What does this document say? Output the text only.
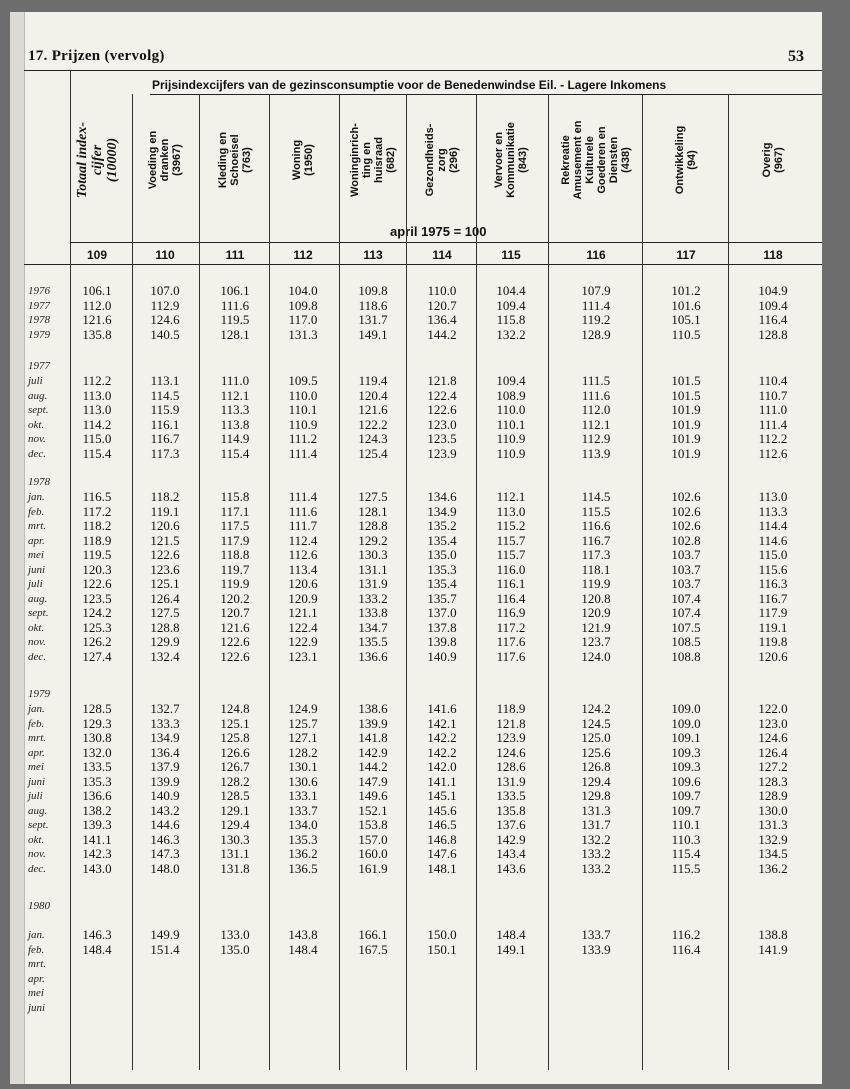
17. Prijzen (vervolg)	53
Prijsindexcijfers van de gezinsconsumptie voor de Benedenwindse Eil. - Lagere Inkomens
april 1975 = 100
Totaal index-
cijfer
(10000)
109
Voeding en
dranken
(3967)
110
Kleding en
Schoeisel
(763)
111
Woning
(1950)
112
Woninginrich-
ting en
huisraad
(682)
113
Gezondheids-
zorg
(296)
114
Vervoer en
Kommunikatie
(843)
115
Rekreatie
Amusement en
Kulturele
Goederen en
Diensten
(438)
116
Ontwikkeling
(94)
117
Overig
(967)
118
1976	106.1	107.0	106.1	104.0	109.8	110.0	104.4	107.9	101.2	104.9
1977	112.0	112.9	111.6	109.8	118.6	120.7	109.4	111.4	101.6	109.4
1978	121.6	124.6	119.5	117.0	131.7	136.4	115.8	119.2	105.1	116.4
1979	135.8	140.5	128.1	131.3	149.1	144.2	132.2	128.9	110.5	128.8
1977
juli	112.2	113.1	111.0	109.5	119.4	121.8	109.4	111.5	101.5	110.4
aug.	113.0	114.5	112.1	110.0	120.4	122.4	108.9	111.6	101.5	110.7
sept.	113.0	115.9	113.3	110.1	121.6	122.6	110.0	112.0	101.9	111.0
okt.	114.2	116.1	113.8	110.9	122.2	123.0	110.1	112.1	101.9	111.4
nov.	115.0	116.7	114.9	111.2	124.3	123.5	110.9	112.9	101.9	112.2
dec.	115.4	117.3	115.4	111.4	125.4	123.9	110.9	113.9	101.9	112.6
1978
jan.	116.5	118.2	115.8	111.4	127.5	134.6	112.1	114.5	102.6	113.0
feb.	117.2	119.1	117.1	111.6	128.1	134.9	113.0	115.5	102.6	113.3
mrt.	118.2	120.6	117.5	111.7	128.8	135.2	115.2	116.6	102.6	114.4
apr.	118.9	121.5	117.9	112.4	129.2	135.4	115.7	116.7	102.8	114.6
mei	119.5	122.6	118.8	112.6	130.3	135.0	115.7	117.3	103.7	115.0
juni	120.3	123.6	119.7	113.4	131.1	135.3	116.0	118.1	103.7	115.6
juli	122.6	125.1	119.9	120.6	131.9	135.4	116.1	119.9	103.7	116.3
aug.	123.5	126.4	120.2	120.9	133.2	135.7	116.4	120.8	107.4	116.7
sept.	124.2	127.5	120.7	121.1	133.8	137.0	116.9	120.9	107.4	117.9
okt.	125.3	128.8	121.6	122.4	134.7	137.8	117.2	121.9	107.5	119.1
nov.	126.2	129.9	122.6	122.9	135.5	139.8	117.6	123.7	108.5	119.8
dec.	127.4	132.4	122.6	123.1	136.6	140.9	117.6	124.0	108.8	120.6
1979
jan.	128.5	132.7	124.8	124.9	138.6	141.6	118.9	124.2	109.0	122.0
feb.	129.3	133.3	125.1	125.7	139.9	142.1	121.8	124.5	109.0	123.0
mrt.	130.8	134.9	125.8	127.1	141.8	142.2	123.9	125.0	109.1	124.6
apr.	132.0	136.4	126.6	128.2	142.9	142.2	124.6	125.6	109.3	126.4
mei	133.5	137.9	126.7	130.1	144.2	142.0	128.6	126.8	109.3	127.2
juni	135.3	139.9	128.2	130.6	147.9	141.1	131.9	129.4	109.6	128.3
juli	136.6	140.9	128.5	133.1	149.6	145.1	133.5	129.8	109.7	128.9
aug.	138.2	143.2	129.1	133.7	152.1	145.6	135.8	131.3	109.7	130.0
sept.	139.3	144.6	129.4	134.0	153.8	146.5	137.6	131.7	110.1	131.3
okt.	141.1	146.3	130.3	135.3	157.0	146.8	142.9	132.2	110.3	132.9
nov.	142.3	147.3	131.1	136.2	160.0	147.6	143.4	133.2	115.4	134.5
dec.	143.0	148.0	131.8	136.5	161.9	148.1	143.6	133.2	115.5	136.2
1980
jan.	146.3	149.9	133.0	143.8	166.1	150.0	148.4	133.7	116.2	138.8
feb.	148.4	151.4	135.0	148.4	167.5	150.1	149.1	133.9	116.4	141.9
mrt.
apr.
mei
juni
